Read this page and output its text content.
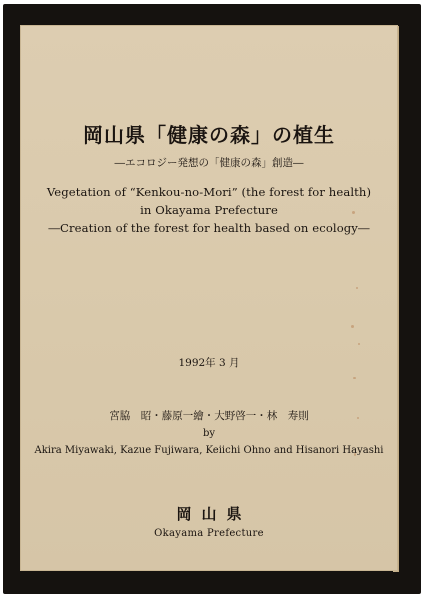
岡山県「健康の森」の植生
―エコロジー発想の「健康の森」創造―
Vegetation of “Kenkou-no-Mori” (the forest for health)
in Okayama Prefecture
―Creation of the forest for health based on ecology―
1992年 3 月
宮脇　昭・藤原一繪・大野啓一・林　寿則
by
Akira Miyawaki, Kazue Fujiwara, Keiichi Ohno and Hisanori Hayashi
岡山県
Okayama Prefecture
